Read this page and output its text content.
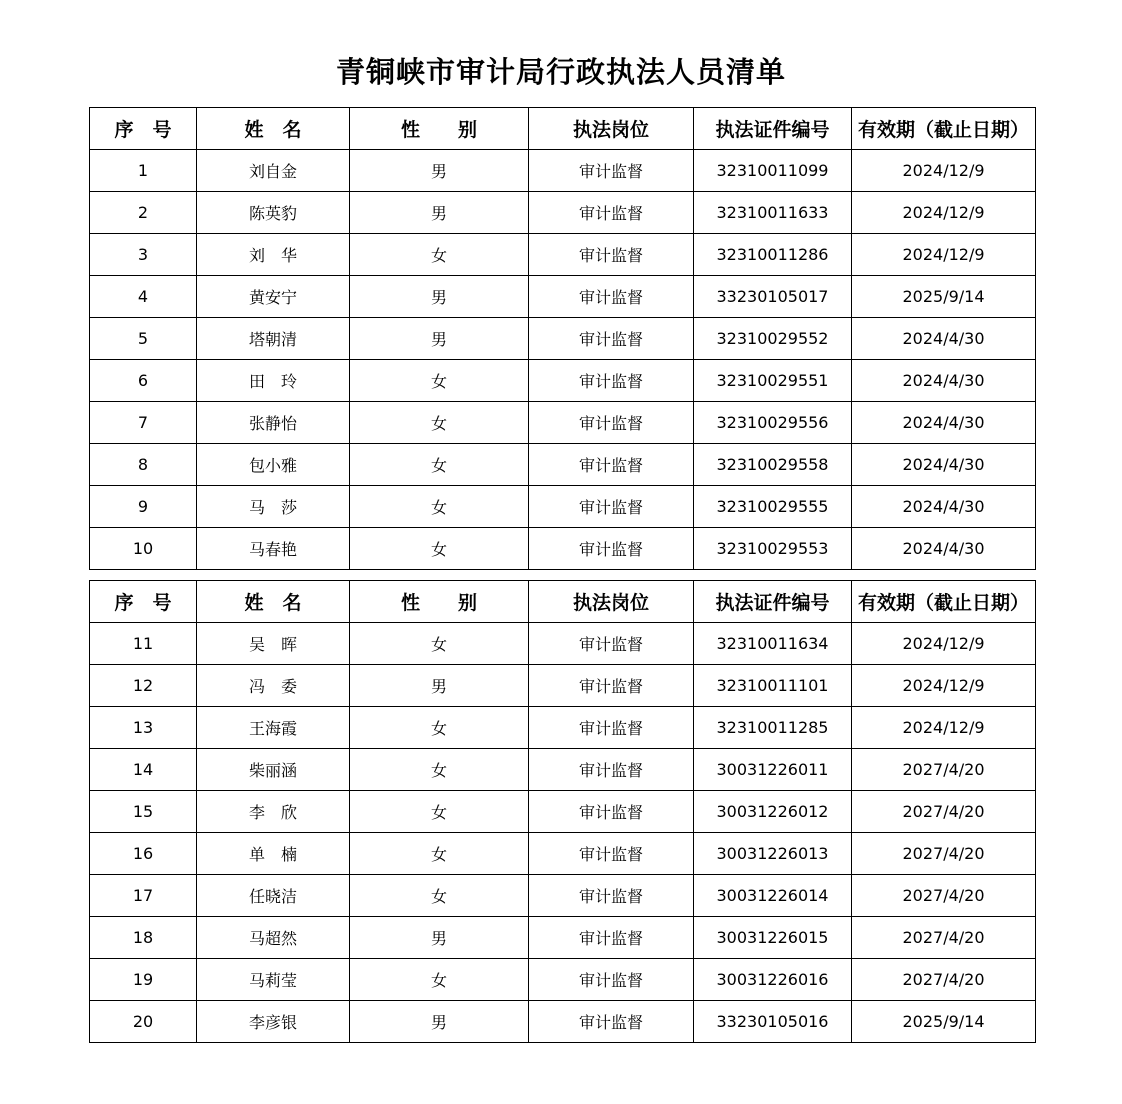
青铜峡市审计局行政执法人员清单
序　号	姓　名	性　　别	执法岗位	执法证件编号	有效期（截止日期）
1	刘自金	男	审计监督	32310011099	2024/12/9
2	陈英豹	男	审计监督	32310011633	2024/12/9
3	刘　华	女	审计监督	32310011286	2024/12/9
4	黄安宁	男	审计监督	33230105017	2025/9/14
5	塔朝清	男	审计监督	32310029552	2024/4/30
6	田　玲	女	审计监督	32310029551	2024/4/30
7	张静怡	女	审计监督	32310029556	2024/4/30
8	包小雅	女	审计监督	32310029558	2024/4/30
9	马　莎	女	审计监督	32310029555	2024/4/30
10	马春艳	女	审计监督	32310029553	2024/4/30
序　号	姓　名	性　　别	执法岗位	执法证件编号	有效期（截止日期）
11	吴　晖	女	审计监督	32310011634	2024/12/9
12	冯　委	男	审计监督	32310011101	2024/12/9
13	王海霞	女	审计监督	32310011285	2024/12/9
14	柴丽涵	女	审计监督	30031226011	2027/4/20
15	李　欣	女	审计监督	30031226012	2027/4/20
16	单　楠	女	审计监督	30031226013	2027/4/20
17	任晓洁	女	审计监督	30031226014	2027/4/20
18	马超然	男	审计监督	30031226015	2027/4/20
19	马莉莹	女	审计监督	30031226016	2027/4/20
20	李彦银	男	审计监督	33230105016	2025/9/14
